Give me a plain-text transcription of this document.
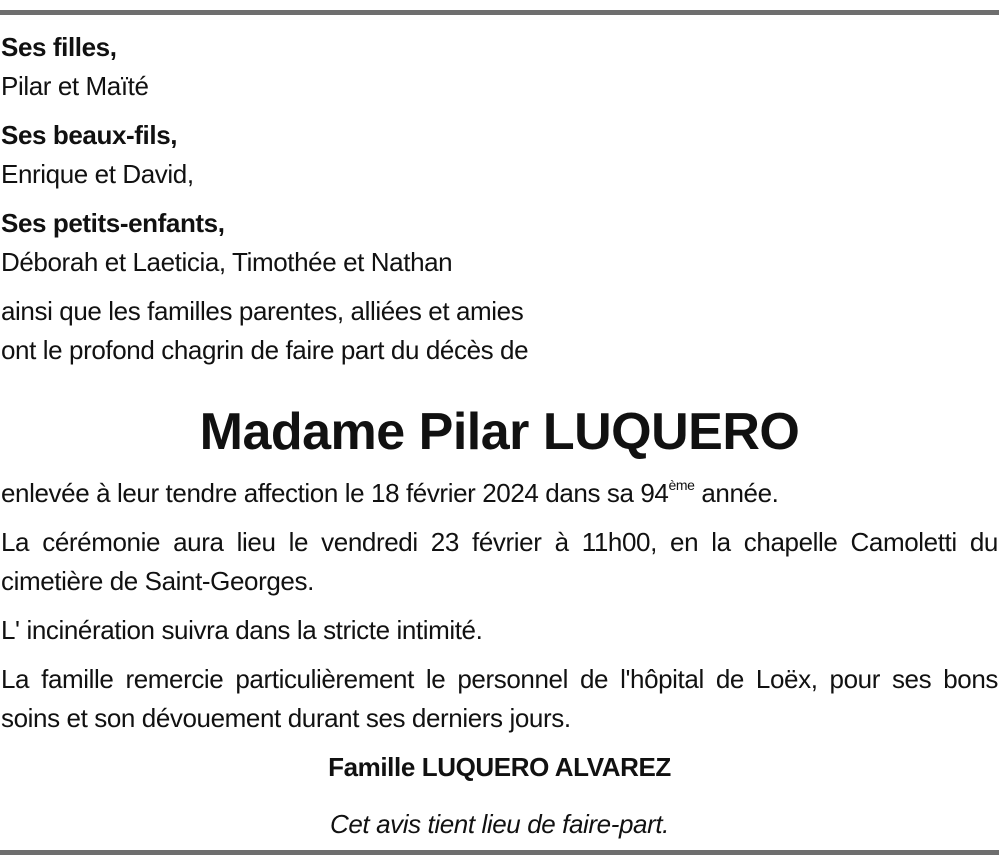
Ses filles,
Pilar et Maïté
Ses beaux-fils,
Enrique et David,
Ses petits-enfants,
Déborah et Laeticia, Timothée et Nathan
ainsi que les familles parentes, alliées et amies
ont le profond chagrin de faire part du décès de
Madame Pilar LUQUERO
enlevée à leur tendre affection le 18 février 2024 dans sa 94ème année.
La cérémonie aura lieu le vendredi 23 février à 11h00, en la chapelle Camoletti du cimetière de Saint-Georges.
L' incinération suivra dans la stricte intimité.
La famille remercie particulièrement le personnel de l'hôpital de Loëx, pour ses bons soins et son dévouement durant ses derniers jours.
Famille LUQUERO ALVAREZ
Cet avis tient lieu de faire-part.
